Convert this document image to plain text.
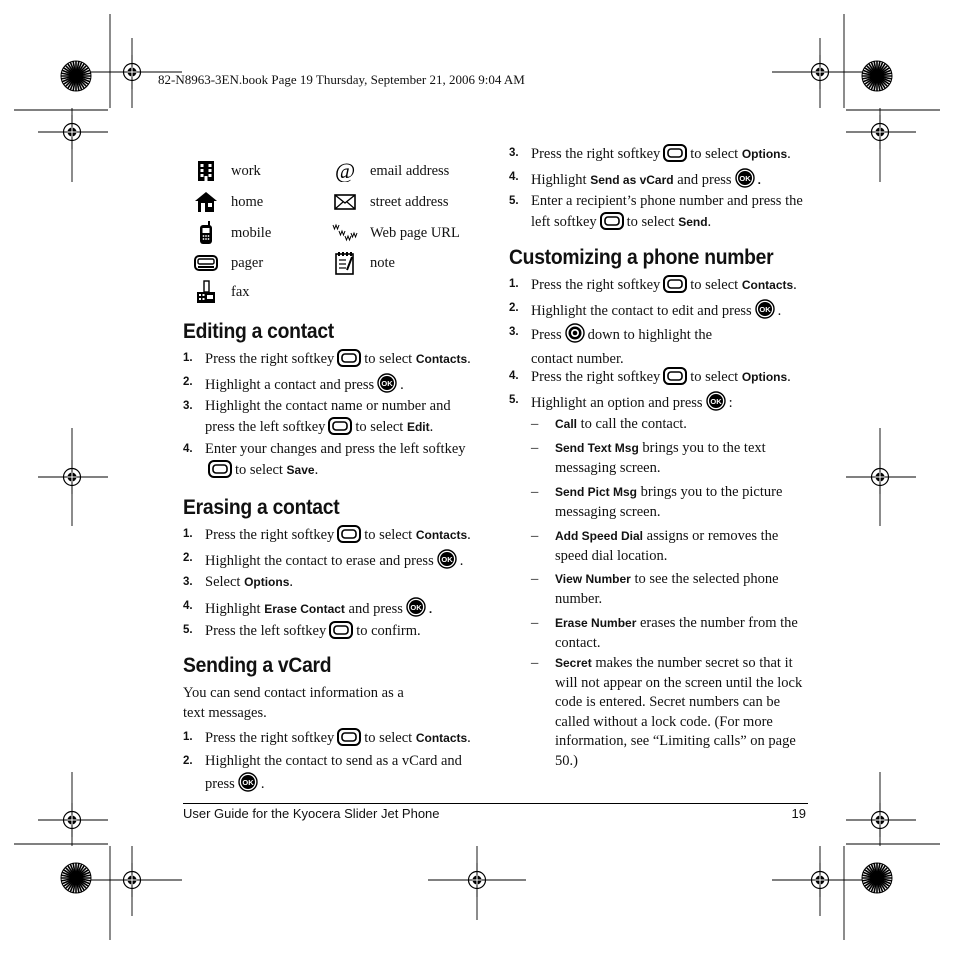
82-N8963-3EN.book Page 19 Thursday, September 21, 2006 9:04 AM
work	@ email address
home	street address
mobile	Web page URL
pager	note
fax
Editing a contact
1. Press the right softkey to select Contacts.
2. Highlight a contact and press OK .
3. Highlight the contact name or number and press the left softkey to select Edit.
4. Enter your changes and press the left softkeyto select Save.
Erasing a contact
1. Press the right softkey to select Contacts.
2. Highlight the contact to erase and press OK .
3. Select Options.
4. Highlight Erase Contact and press OK .
5. Press the left softkey to confirm.
Sending a vCard
You can send contact information as a text messages.
1. Press the right softkey to select Contacts.
2. Highlight the contact to send as a vCard and press OK .
3. Press the right softkey to select Options.
4. Highlight Send as vCard and press OK .
5. Enter a recipient’s phone number and press the left softkey to select Send.
Customizing a phone number
1. Press the right softkey to select Contacts.
2. Highlight the contact to edit and press OK .
3. Press down to highlight the contact number.
4. Press the right softkey to select Options.
5. Highlight an option and press OK :
–	Call to call the contact.
–	Send Text Msg brings you to the text messaging screen.
–	Send Pict Msg brings you to the picture messaging screen.
–	Add Speed Dial assigns or removes the speed dial location.
–	View Number to see the selected phone number.
–	Erase Number erases the number from the contact.
–	Secret makes the number secret so that it will not appear on the screen until the lock code is entered. Secret numbers can be called without a lock code. (For more information, see “Limiting calls” on page 50.)
User Guide for the Kyocera Slider Jet Phone	19
